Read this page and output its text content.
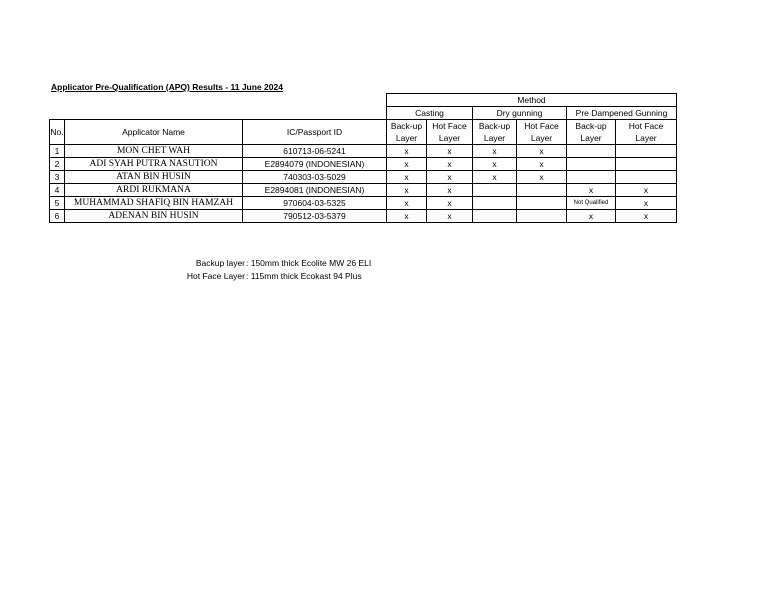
Applicator Pre-Qualification (APQ) Results - 11 June 2024
			Method					
			Casting		Dry gunning		Pre Dampened Gunning	
No.	Applicator Name	IC/Passport ID	Back-up	Hot Face	Back-up	Hot Face	Back-up	Hot Face
			Layer	Layer	Layer	Layer	Layer	Layer
1	MON CHET WAH	610713-06-5241	x	x	x	x		
2	ADI SYAH PUTRA NASUTION	E2894079 (INDONESIAN)	x	x	x	x		
3	ATAN BIN HUSIN	740303-03-5029	x	x	x	x		
4	ARDI RUKMANA	E2894081 (INDONESIAN)	x	x			x	x
5	MUHAMMAD SHAFIQ BIN HAMZAH	970604-03-5325	x	x			Not Qualified	x
6	ADENAN BIN HUSIN	790512-03-5379	x	x			x	x
Backup layer
Hot Face Layer
: 150mm thick Ecolite MW 26 ELI
: 115mm thick Ecokast 94 Plus
